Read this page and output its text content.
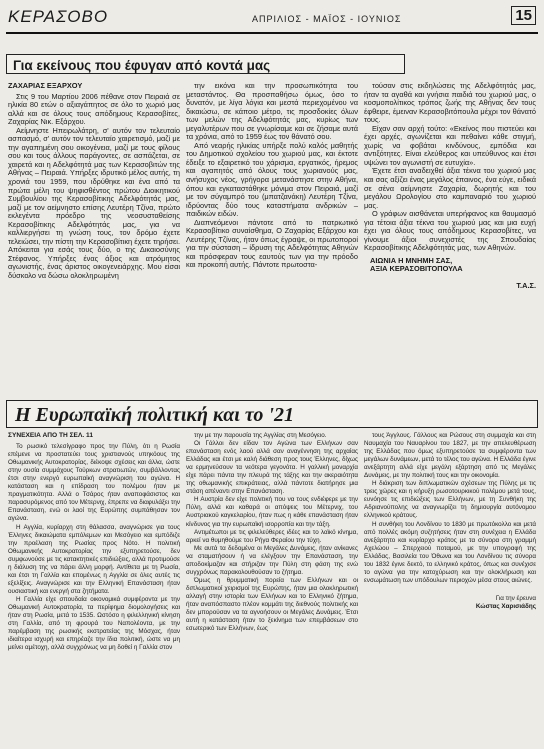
ΚΕΡΑΣΟΒΟ	ΑΠΡΙΛΙΟΣ - ΜΑΪΟΣ - ΙΟΥΝΙΟΣ	15
Για εκείνους που έφυγαν από κοντά μας
ΖΑΧΑΡΙΑΣ ΕΞΑΡΧΟΥ

Στις 9 του Μαρτίου 2006 πέθανε στον Πειραιά σε ηλικία 80 ετών ο αξιαγάπητος σε όλο το χωριό μας αλλά και σε όλους τους απόδημους Κερασοβίτες, Ζαχαρίας Νικ. Εξάρχου.

Αείμνηστε Ηπειρωλάτρη, σ' αυτόν τον τελευταίο ασπασμό, σ' αυτόν τον τελευταίο χαιρετισμό, μαζί με την αγαπημένη σου οικογένεια, μαζί με τους φίλους σου και τους άλλους παράγοντες, σε ασπάζεται, σε χαιρετά και η Αδελφότητά μας των Κερασοβιτών της Αθήνας – Πειραιά. Υπήρξες ιδρυτικό μέλος αυτής, τη χρονιά του 1959, που ιδρύθηκε και ένα από τα πρώτα μέλη του ψηφισθέντος πρώτου Διοικητικού Συμβουλίου της Κερασοβίτικης Αδελφότητάς μας, μαζί με τον αείμνηστο επίσης Λευτέρη Τζίνα, πρώτο εκλεγέντα πρόεδρο της νεοσυσταθείσης Κερασοβίτικης Αδελφότητάς μας, για να καλλιεργήσει τη γνώση τους, τον δρόμο έχετε τελειώσει, την πίστη την Κερασοβίτικη έχετε τηρήσει. Απόκειται για εσάς τους δύο, ο της Δικαιοσύνης Στέφανος. Υπήρξες ένας άξιος και ατρόμητος αγωνιστής, ένας άριστος οικογενειάρχης. Μου είσαι δύσκολο να δώσω ολοκληρωμένη

την εικόνα και την προσωπικότητα του μεταστάντος. Θα προσπαθήσω όμως, όσο το δυνατόν, με λίγα λόγια και μεστά περιεχομένου να δικαιώσω, σε κάποιο μέτρο, τις προσδοκίες όλων των μελών της Αδελφότητάς μας, κυρίως των μεγαλυτέρων που σε γνωρίσαμε και σε ζήσαμε αυτά τα χρόνια, από το 1959 έως τον θάνατό σου.

Από νεαρής ηλικίας υπήρξε πολύ καλός μαθητής του Δημοτικού σχολείου του χωριού μας, και έκτοτε έδειξε το εξαιρετικό του χάρισμα, εργατικός, ήρεμος και αγαπητός από όλους τους χωριανούς μας, ανήσυχος νέος, γρήγορα μετανάστησε στην Αθήνα, όπου και εγκαταστάθηκε μόνιμα στον Πειραιά, μαζί με τον σύγαμπρό του (μπατζανάκη) Λευτέρη Τζίνα, ιδρύοντας δύο τους καταστήματα ανδρικών – παιδικών ειδών.

Διαπνεόμενοι πάντοτε από το πατριωτικό Κερασοβίτικο συναίσθημα, Ο Ζαχαρίας Εξάρχου και Λευτέρης Τζίνας, ήταν όπως έγραψε, οι πρωτοποροί για την σύσταση – ίδρυση της Αδελφότητας Αθηνών και πρόσφεραν τους εαυτούς των για την πρόοδο και προκοπή αυτής. Πάντοτε πρωτοστα-

τούσαν στις εκδηλώσεις της Αδελφότητάς μας, ήταν τα αγαθά και γνήσια παιδιά του χωριού μας, ο κοσμοπολίτικος τρόπος ζωής της Αθήνας δεν τους έφθειρε, έμειναν Κερασοβιτόπουλα μέχρι τον θάνατό τους.

Είχαν σαν αρχή τούτο: «Εκείνος που πιστεύει και έχει αρχές, αγωνίζεται και πεθαίνει κάθε στιγμή, χωρίς να φοβάται κινδύνους, εμπόδια και αντιξότητες. Είναι ελεύθερος και υπεύθυνος και έτσι υψώνει τον αγωνιστή σε ευτυχία».

Έχετε έτσι αναδειχθεί άξια τέκνα του χωριού μας και σας αξίζει ένας μεγάλος έπαινος, ένα εύγε, ειδικά σε σένα αείμνηστε Ζαχαρία, δωρητής και του μεγάλου Ωρολογίου στο καμπαναριό του χωριού μας.

Ο γράφων αισθάνεται υπερήφανος και θαυμασμό για τέτοια άξια τέκνα του χωριού μας και μια ευχή έχει για όλους τους απόδημους Κερασοβίτες, να γίνουμε άξιοι συνεχιστές της Σπουδαίας Κερασοβίτικης Αδελφότητάς μας, των Αθηνών.

ΑΙΩΝΙΑ Η ΜΝΗΜΗ ΣΑΣ,
ΑΞΙΑ ΚΕΡΑΣΟΒΙΤΟΠΟΥΛΑ
Τ.Α.Σ.
Η Ευρωπαϊκή πολιτική και το '21
ΣΥΝΕΧΕΙΑ ΑΠΟ ΤΗ ΣΕΛ. 11

Το ρωσικό τελεσίγραφο προς την Πύλη, ότι η Ρωσία επέμενε να προστατεύει τους χριστιανούς υπηκόους της Οθωμανικής Αυτοκρατορίας, διέκοψε σχέσεις και άλλα, ώστε στην ουσία συμμάχους Τούρκων στρατιωτών, συμβάλλοντας έτσι στην ενεργό ευρωπαϊκή αναγνώριση του αγώνα. Η κατάσταση και η επίδραση του πολέμου ήταν με πραγματικότητα. Αλλά ο Τσάρος ήταν αναποφάσιστος και παρασυρόμενος από τον Μέτερνιχ, έπρεπε να διαφυλάξει την Επανάσταση, ενώ οι λαοί της Ευρώπης συμπάθησαν τον αγώνα.

Η Αγγλία, κυρίαρχη στη θάλασσα, αναγνώρισε για τους Έλληνες δικαιώματα εμπόλεμων και Μεσόγειο και εμπόδιζε την προέλαση της Ρωσίας προς Νότο. Η πολιτική Οθωμανικής Αυτοκρατορίας την εξυπηρετούσε, δεν συμφωνούσε με τις κατακτητικές επιδιώξεις, αλλά προτιμούσε η διάλυση της να πάρει άλλη μορφή. Αντίθετα με τη Ρωσία, και έτσι τη Γαλλία και επομένως η Αγγλία σε όλες αυτές τις εξελίξεις. Αναγνώρισε και την Ελληνική Επανάσταση ήταν ουσιαστική και ενεργή στα ζητήματα.

Η Γαλλία είχε σπουδαία οικονομικά συμφέροντα με την Οθωμανική Αυτοκρατορία, τα περίφημα διομολογήσεις και ήταν στη Ρωσία, μετά το 1535. Ωστόσο η φιλελληνική κίνηση στη Γαλλία, από τη φρουρά του Ναπολέοντα, με την παρέμβαση της ρωσικής εκστρατείας της Μόσχας, ήταν ιδιαίτερα ισχυρή και επηρέαζε την ίδια πολιτική, ώστε να μη μείνει αμέτοχη, αλλά συγχρόνως να μη δοθεί η Γαλλία στον

την με την παρουσία της Αγγλίας στη Μεσόγειο.

Οι Γάλλοι δεν είδαν τον Αγώνα των Ελλήνων σαν επανάσταση ενός λαού αλλά σαν αναγέννηση της αρχαίας Ελλάδας και έτσι με καλή διάθεση προς τους Έλληνες, δίχως να ερμηνεύσουν τα νεότερα γεγονότα. Η γαλλική μοναρχία είχε πάρει πάντα την πλευρά της τάξης και την ακεραιότητα της οθωμανικής επικράτειας, αλλά πάντοτε διατήρησε μια στάση απέναντι στην Επανάσταση.

Η Αυστρία δεν είχε πολιτική που να τους ενδιέφερε με την Πύλη, αλλά και καθαρά οι απόψεις του Μέτερνιχ, του Αυστριακού καγκελαρίου, ήταν πως η κάθε επανάσταση ήταν κίνδυνος για την ευρωπαϊκή ισορροπία και την τάξη.

Αντιμέτωποι με τις φιλελεύθερες ιδέες και το λαϊκό κίνημα, αρκεί να θυμηθούμε του Ρήγα Φεραίου την τύχη.

Με αυτά τα δεδομένα οι Μεγάλες Δυνάμεις, ήταν ανίκανες να σταματήσουν ή να ελέγξουν την Επανάσταση, την αποδοκίμαζαν και στήριζαν την Πύλη στη φάση της ενώ συγχρόνως παρακολουθούσαν το ζήτημα.

Όμως η θρυμματική πορεία των Ελλήνων και οι διπλωματικοί χειρισμοί της Ευρώπης, ήταν μια ολοκληρωτική αλλαγή στην ιστορία των Ελλήνων και το Ελληνικό ζήτημα, ήταν αναπόσπαστο πλέον κομμάτι της διεθνούς πολιτικής και δεν μπορούσαν να τα αγνοήσουν οι Μεγάλες Δυνάμεις. Έτσι αυτή η κατάσταση ήταν το ξεκίνημα των επεμβάσεων στο εσωτερικό των Ελλήνων, έως

τους Άγγλους. Γάλλους και Ρώσους στη συμμαχία και στη Ναυμαχία του Ναυαρίνου του 1827, με την απελευθέρωση της Ελλάδας που όμως εξυπηρετούσε τα συμφέροντα των μεγάλων δυνάμεων, μετά το τέλος του αγώνα. Η Ελλάδα έγινε ανεξάρτητη αλλά είχε μεγάλη εξάρτηση από τις Μεγάλες Δυνάμεις, με την πολιτική τους και την οικονομία.

Η διάκριση των διπλωματικών σχέσεων της Πύλης με τις τρεις χώρες και η κήρυξη ρωσοτουρκικού πολέμου μετά τους, ευνόησε τις επιδιώξεις των Ελλήνων, με τη Συνθήκη της Αδριανούπολης να αναγνωρίζει τη δημιουργία αυτόνομου ελληνικού κράτους.

Η συνθήκη του Λονδίνου το 1830 με πρωτόκολλο και μετά από πολλές ακόμη συζητήσεις ήταν στη συνέχεια η Ελλάδα ανεξάρτητο και κυρίαρχο κράτος με τα σύνορα στη γραμμή Αχελώου – Σπερχειού ποταμού, με την υπογραφή της Ελλάδας, Βασιλεία του Όθωνα και του Λονδίνου τις σύνορα του 1832 έγινε δεκτό, το ελληνικό κράτος, όπως και συνέχισε το αγώνα για την κατοχύρωση και την ολοκλήρωση και ενσωμάτωση των υπόδουλων περιοχών μέσα στους αιώνες.

Για την έρευνα
Κώστας Χαρισιάδης
